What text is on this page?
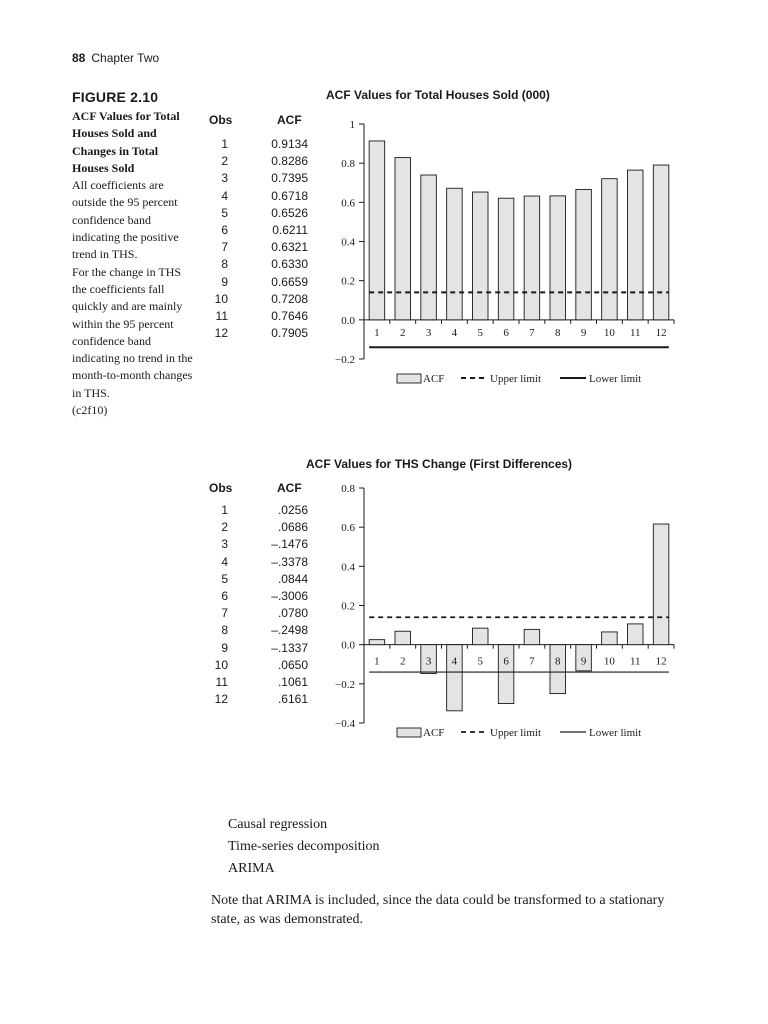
88 Chapter Two
FIGURE 2.10
ACF Values for Total Houses Sold and Changes in Total Houses Sold
All coefficients are outside the 95 percent confidence band indicating the positive trend in THS.
For the change in THS the coefficients fall quickly and are mainly within the 95 percent confidence band indicating no trend in the month-to-month changes in THS.
(c2f10)
ACF Values for Total Houses Sold (000)
ACF Values for THS Change (First Differences)
Obs	ACF
1	0.9134
2	0.8286
3	0.7395
4	0.6718
5	0.6526
6	0.6211
7	0.6321
8	0.6330
9	0.6659
10	0.7208
11	0.7646
12	0.7905
Obs	ACF
1	.0256
2	.0686
3	–.1476
4	–.3378
5	.0844
6	–.3006
7	.0780
8	–.2498
9	–.1337
10	.0650
11	.1061
12	.6161
−0.2
0.0
0.2
0.4
0.6
0.8
1
1 2 3 4 5 6 7 8 9 10 11 12
ACF	Upper limit	Lower limit
−0.4
−0.2
0.0
0.2
0.4
0.6
0.8
1 2 3 4 5 6 7 8 9 10 11 12
ACF	Upper limit	Lower limit
Causal regression
Time-series decomposition
ARIMA
Note that ARIMA is included, since the data could be transformed to a stationary state, as was demonstrated.
